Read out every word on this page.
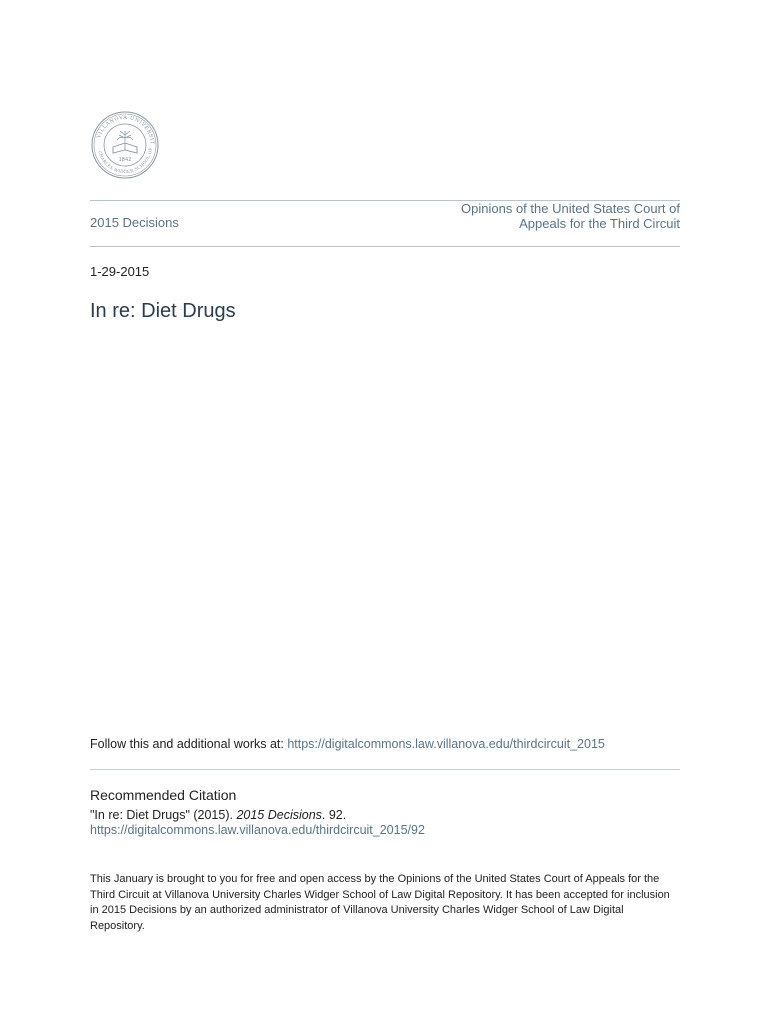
VILLANOVA UNIVERSIT
CHARLES WIDGER SCHOOL OF
1842
2015 Decisions
Opinions of the United States Court of Appeals for the Third Circuit
1-29-2015
In re: Diet Drugs
Follow this and additional works at: https://digitalcommons.law.villanova.edu/thirdcircuit_2015
Recommended Citation
"In re: Diet Drugs" (2015). 2015 Decisions. 92.
https://digitalcommons.law.villanova.edu/thirdcircuit_2015/92
This January is brought to you for free and open access by the Opinions of the United States Court of Appeals for the Third Circuit at Villanova University Charles Widger School of Law Digital Repository. It has been accepted for inclusion in 2015 Decisions by an authorized administrator of Villanova University Charles Widger School of Law Digital Repository.
